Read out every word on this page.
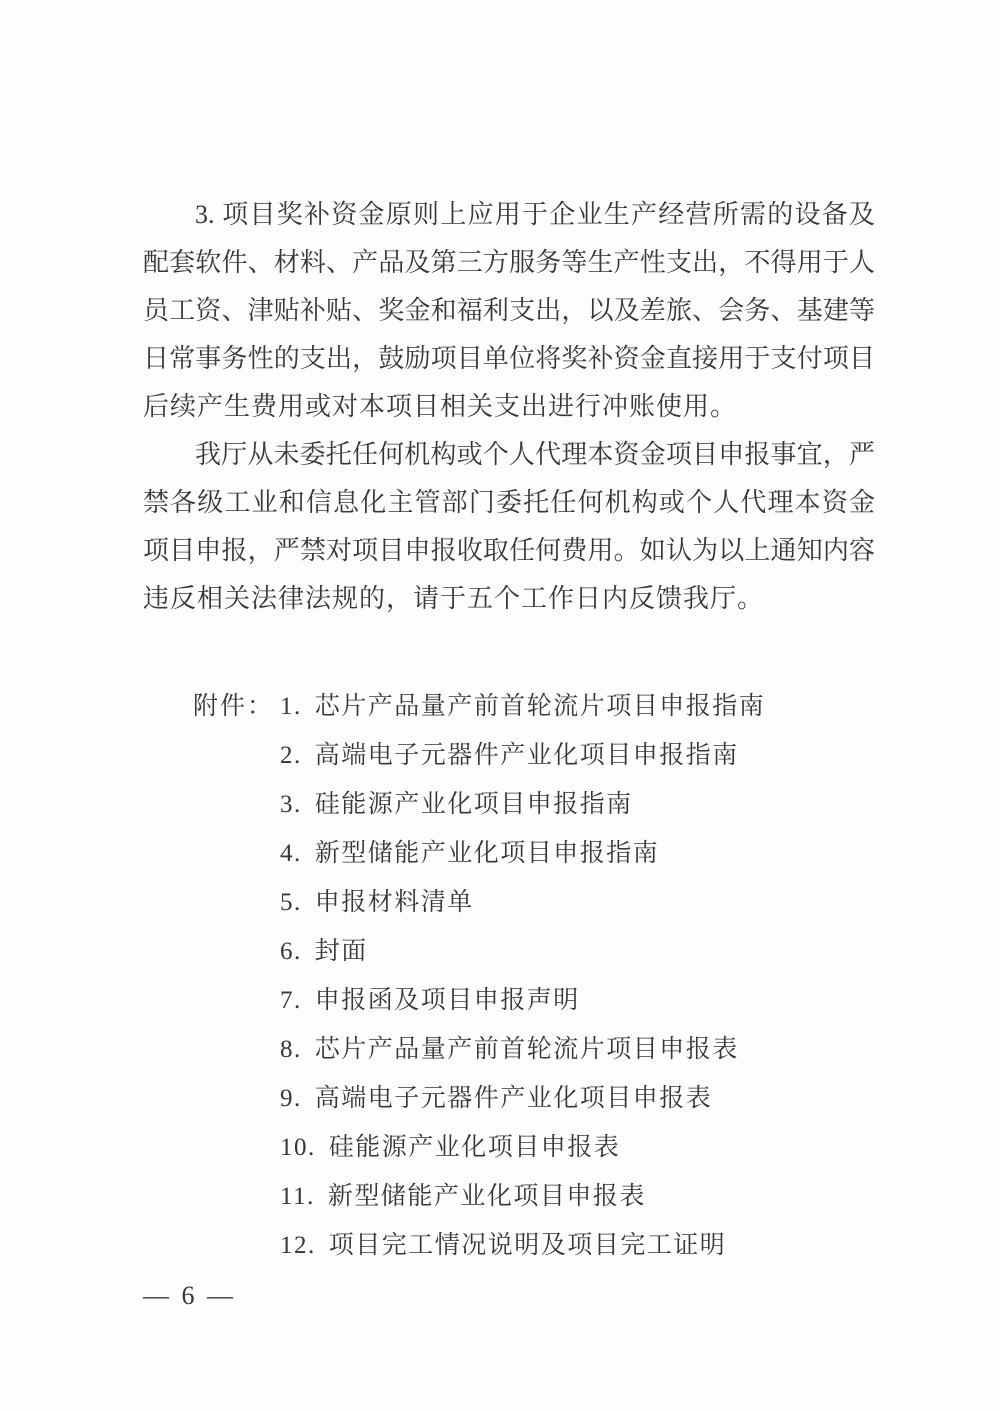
3. 项目奖补资金原则上应用于企业生产经营所需的设备及
配套软件、材料、产品及第三方服务等生产性支出，不得用于人
员工资、津贴补贴、奖金和福利支出，以及差旅、会务、基建等
日常事务性的支出，鼓励项目单位将奖补资金直接用于支付项目
后续产生费用或对本项目相关支出进行冲账使用。
我厅从未委托任何机构或个人代理本资金项目申报事宜，严
禁各级工业和信息化主管部门委托任何机构或个人代理本资金
项目申报，严禁对项目申报收取任何费用。如认为以上通知内容
违反相关法律法规的，请于五个工作日内反馈我厅。
附件： 1. 芯片产品量产前首轮流片项目申报指南
2. 高端电子元器件产业化项目申报指南
3. 硅能源产业化项目申报指南
4. 新型储能产业化项目申报指南
5. 申报材料清单
6. 封面
7. 申报函及项目申报声明
8. 芯片产品量产前首轮流片项目申报表
9. 高端电子元器件产业化项目申报表
10. 硅能源产业化项目申报表
11. 新型储能产业化项目申报表
12. 项目完工情况说明及项目完工证明
— 6 —
